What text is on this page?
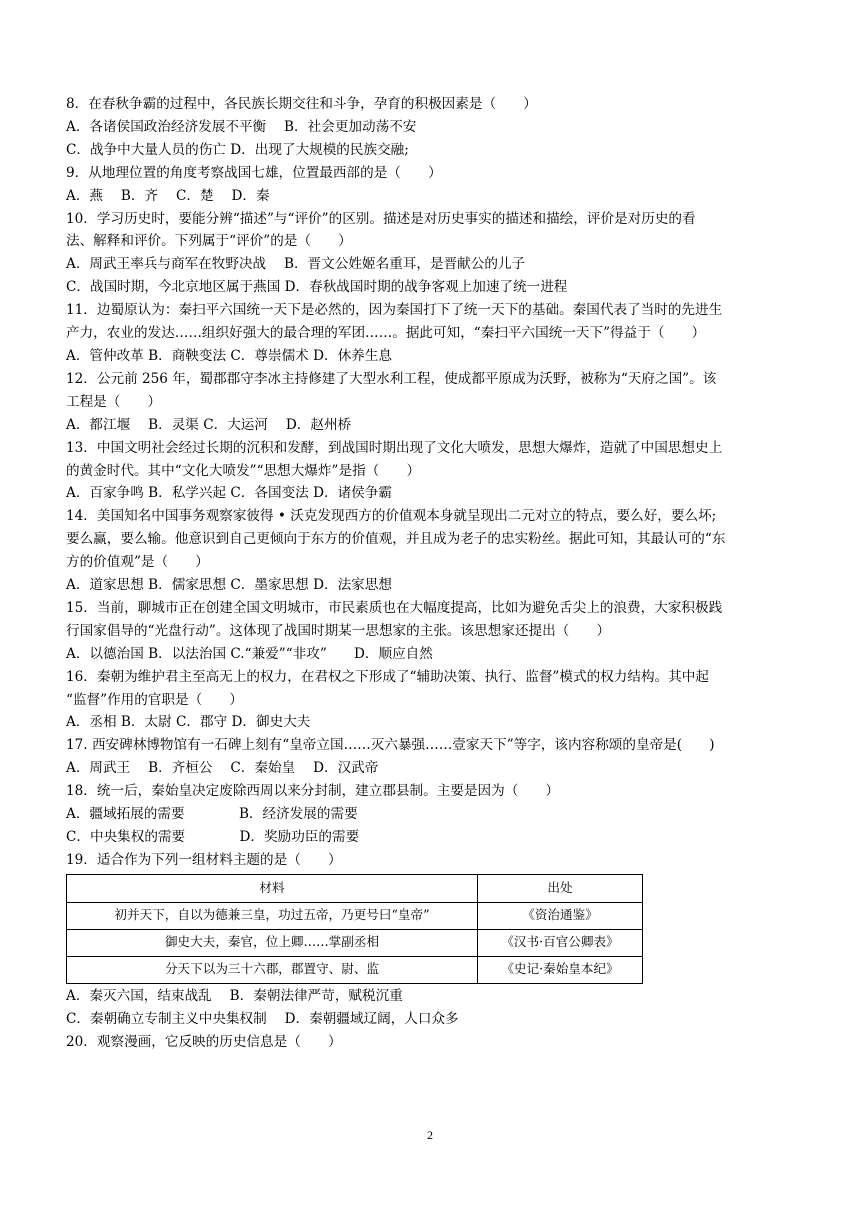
8．在春秋争霸的过程中，各民族长期交往和斗争，孕育的积极因素是（　　）

A．各诸侯国政治经济发展不平衡　 B．社会更加动荡不安

C．战争中大量人员的伤亡 D．出现了大规模的民族交融;

9．从地理位置的角度考察战国七雄，位置最西部的是（　　）

A．燕　 B．齐　 C．楚　 D．秦

10．学习历史时，要能分辨“描述”与“评价”的区别。描述是对历史事实的描述和描绘，评价是对历史的看

法、解释和评价。下列属于“评价”的是（　　）

A．周武王率兵与商军在牧野决战　 B．晋文公姓姬名重耳，是晋献公的儿子

C．战国时期，今北京地区属于燕国 D．春秋战国时期的战争客观上加速了统一进程

11．边蜀原认为：秦扫平六国统一天下是必然的，因为秦国打下了统一天下的基础。秦国代表了当时的先进生

产力，农业的发达……组织好强大的最合理的军团……。据此可知，“秦扫平六国统一天下”得益于（　　）

A．管仲改革 B．商鞅变法 C．尊崇儒术 D．休养生息

12．公元前 256 年，蜀郡郡守李冰主持修建了大型水利工程，使成都平原成为沃野，被称为“天府之国”。该

工程是（　　）

A．都江堰　 B．灵渠 C．大运河　 D．赵州桥

13．中国文明社会经过长期的沉积和发酵，到战国时期出现了文化大喷发，思想大爆炸，造就了中国思想史上

的黄金时代。其中“文化大喷发”“思想大爆炸”是指（　　）

A．百家争鸣 B．私学兴起 C．各国变法 D．诸侯争霸

14．美国知名中国事务观察家彼得 • 沃克发现西方的价值观本身就呈现出二元对立的特点，要么好，要么坏;

要么赢，要么输。他意识到自己更倾向于东方的价值观，并且成为老子的忠实粉丝。据此可知，其最认可的“东

方的价值观”是（　　）

A．道家思想 B．儒家思想 C．墨家思想 D．法家思想

15．当前，聊城市正在创建全国文明城市，市民素质也在大幅度提高，比如为避免舌尖上的浪费，大家积极践

行国家倡导的“光盘行动”。这体现了战国时期某一思想家的主张。该思想家还提出（　　）

A．以德治国 B．以法治国 C.“兼爱”“非攻”　　D．顺应自然

16．秦朝为维护君主至高无上的权力，在君权之下形成了“辅助决策、执行、监督”模式的权力结构。其中起

“监督”作用的官职是（　　）

A．丞相 B．太尉 C．郡守 D．御史大夫

17. 西安碑林博物馆有一石碑上刻有“皇帝立国……灭六暴强……壹家天下”等字，该内容称颂的皇帝是(　　)

A．周武王　 B．齐桓公　 C．秦始皇　 D．汉武帝

18．统一后，秦始皇决定废除西周以来分封制，建立郡县制。主要是因为（　　）

A．疆域拓展的需要　　　　B．经济发展的需要

C．中央集权的需要　　　　D．奖励功臣的需要

19．适合作为下列一组材料主题的是（　　）

材料	出处
初并天下，自以为德兼三皇，功过五帝，乃更号曰“皇帝”	《资治通鉴》
御史大夫，秦官，位上卿……掌副丞相	《汉书·百官公卿表》
分天下以为三十六郡，郡置守、尉、监	《史记·秦始皇本纪》

A．秦灭六国，结束战乱　 B．秦朝法律严苛，赋税沉重

C．秦朝确立专制主义中央集权制　 D．秦朝疆域辽阔，人口众多

20．观察漫画，它反映的历史信息是（　　）

2
